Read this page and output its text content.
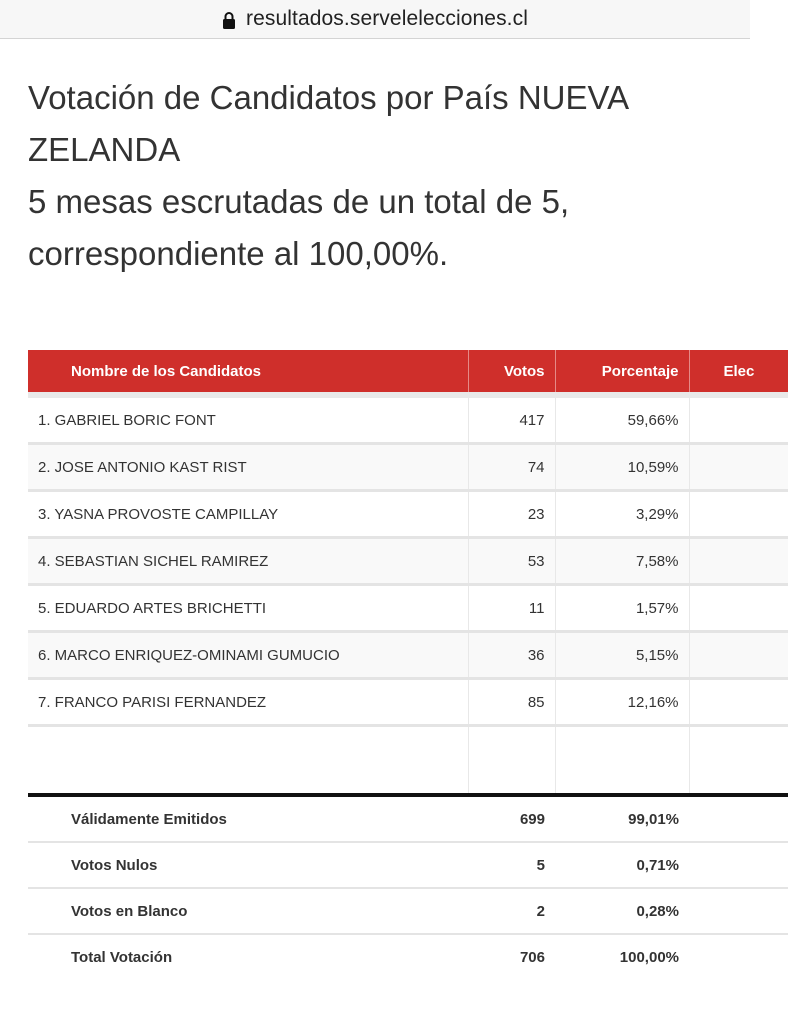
resultados.servelelecciones.cl
Votación de Candidatos por País NUEVA
ZELANDA
5 mesas escrutadas de un total de 5,
correspondiente al 100,00%.
Nombre de los Candidatos	Votos	Porcentaje	Elec
1. GABRIEL BORIC FONT	417	59,66%	
2. JOSE ANTONIO KAST RIST	74	10,59%	
3. YASNA PROVOSTE CAMPILLAY	23	3,29%	
4. SEBASTIAN SICHEL RAMIREZ	53	7,58%	
5. EDUARDO ARTES BRICHETTI	11	1,57%	
6. MARCO ENRIQUEZ-OMINAMI GUMUCIO	36	5,15%	
7. FRANCO PARISI FERNANDEZ	85	12,16%	

Válidamente Emitidos	699	99,01%	
Votos Nulos	5	0,71%	
Votos en Blanco	2	0,28%	
Total Votación	706	100,00%	
